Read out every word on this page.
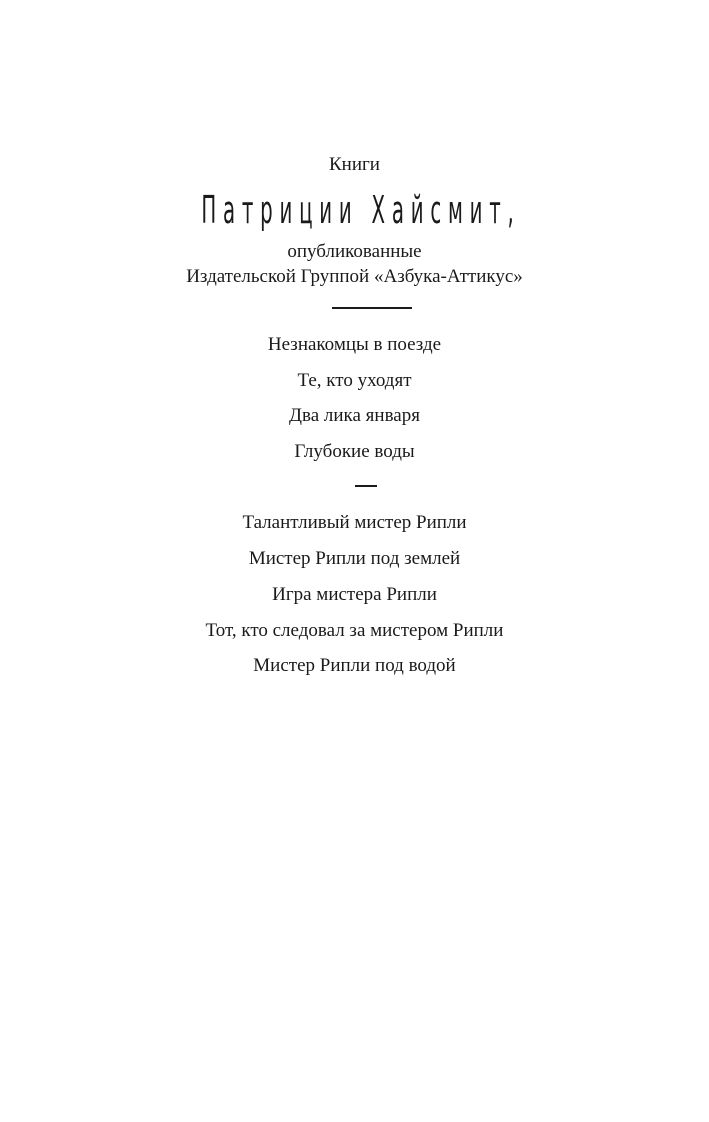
Книги
Патриции Хайсмит,
опубликованные
Издательской Группой «Азбука-Аттикус»
Незнакомцы в поезде
Те, кто уходят
Два лика января
Глубокие воды
Талантливый мистер Рипли
Мистер Рипли под землей
Игра мистера Рипли
Тот, кто следовал за мистером Рипли
Мистер Рипли под водой
